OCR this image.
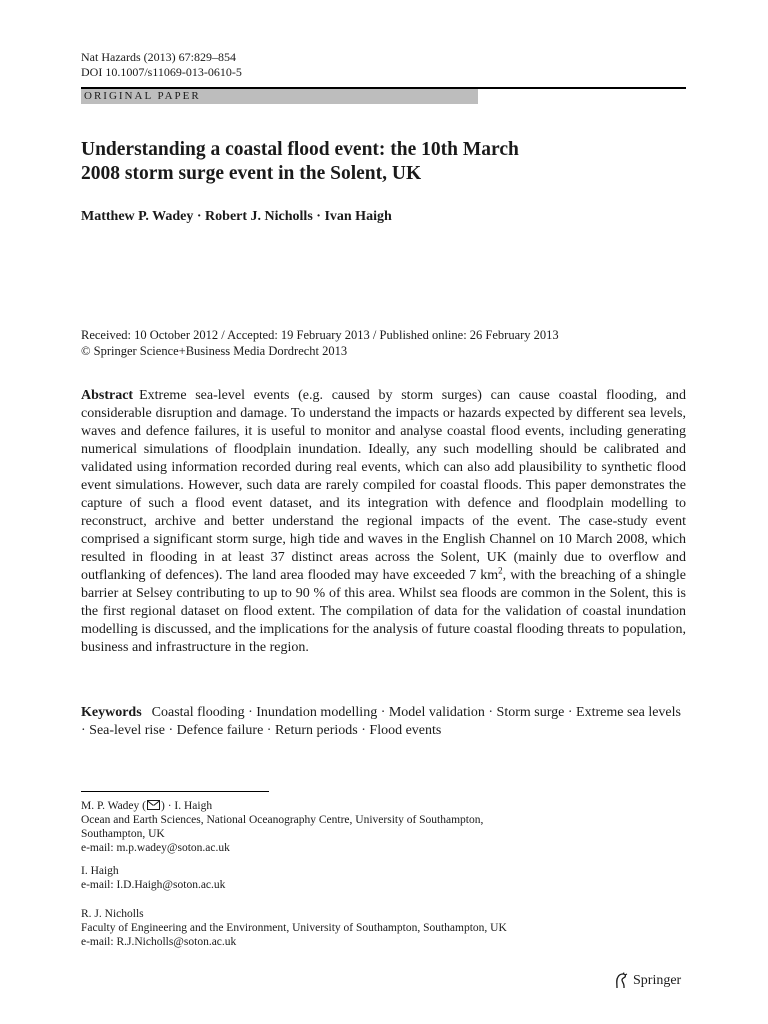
Nat Hazards (2013) 67:829–854
DOI 10.1007/s11069-013-0610-5
ORIGINAL PAPER
Understanding a coastal flood event: the 10th March
2008 storm surge event in the Solent, UK
Matthew P. Wadey · Robert J. Nicholls · Ivan Haigh
Received: 10 October 2012 / Accepted: 19 February 2013 / Published online: 26 February 2013
© Springer Science+Business Media Dordrecht 2013
Abstract Extreme sea-level events (e.g. caused by storm surges) can cause coastal flooding, and considerable disruption and damage. To understand the impacts or hazards expected by different sea levels, waves and defence failures, it is useful to monitor and analyse coastal flood events, including generating numerical simulations of floodplain inundation. Ideally, any such modelling should be calibrated and validated using information recorded during real events, which can also add plausibility to synthetic flood event simulations. However, such data are rarely compiled for coastal floods. This paper demonstrates the capture of such a flood event dataset, and its integration with defence and floodplain modelling to reconstruct, archive and better understand the regional impacts of the event. The case-study event comprised a significant storm surge, high tide and waves in the English Channel on 10 March 2008, which resulted in flooding in at least 37 distinct areas across the Solent, UK (mainly due to overflow and outflanking of defences). The land area flooded may have exceeded 7 $km^2$, with the breaching of a shingle barrier at Selsey contributing to up to 90 % of this area. Whilst sea floods are common in the Solent, this is the first regional dataset on flood extent. The compilation of data for the validation of coastal inundation modelling is discussed, and the implications for the analysis of future coastal flooding threats to population, business and infrastructure in the region.
Keywords Coastal flooding · Inundation modelling · Model validation · Storm surge · Extreme sea levels · Sea-level rise · Defence failure · Return periods · Flood events
M. P. Wadey ( ) · I. Haigh
Ocean and Earth Sciences, National Oceanography Centre, University of Southampton,
Southampton, UK
e-mail: m.p.wadey@soton.ac.uk
I. Haigh
e-mail: I.D.Haigh@soton.ac.uk
R. J. Nicholls
Faculty of Engineering and the Environment, University of Southampton, Southampton, UK
e-mail: R.J.Nicholls@soton.ac.uk
Springer
